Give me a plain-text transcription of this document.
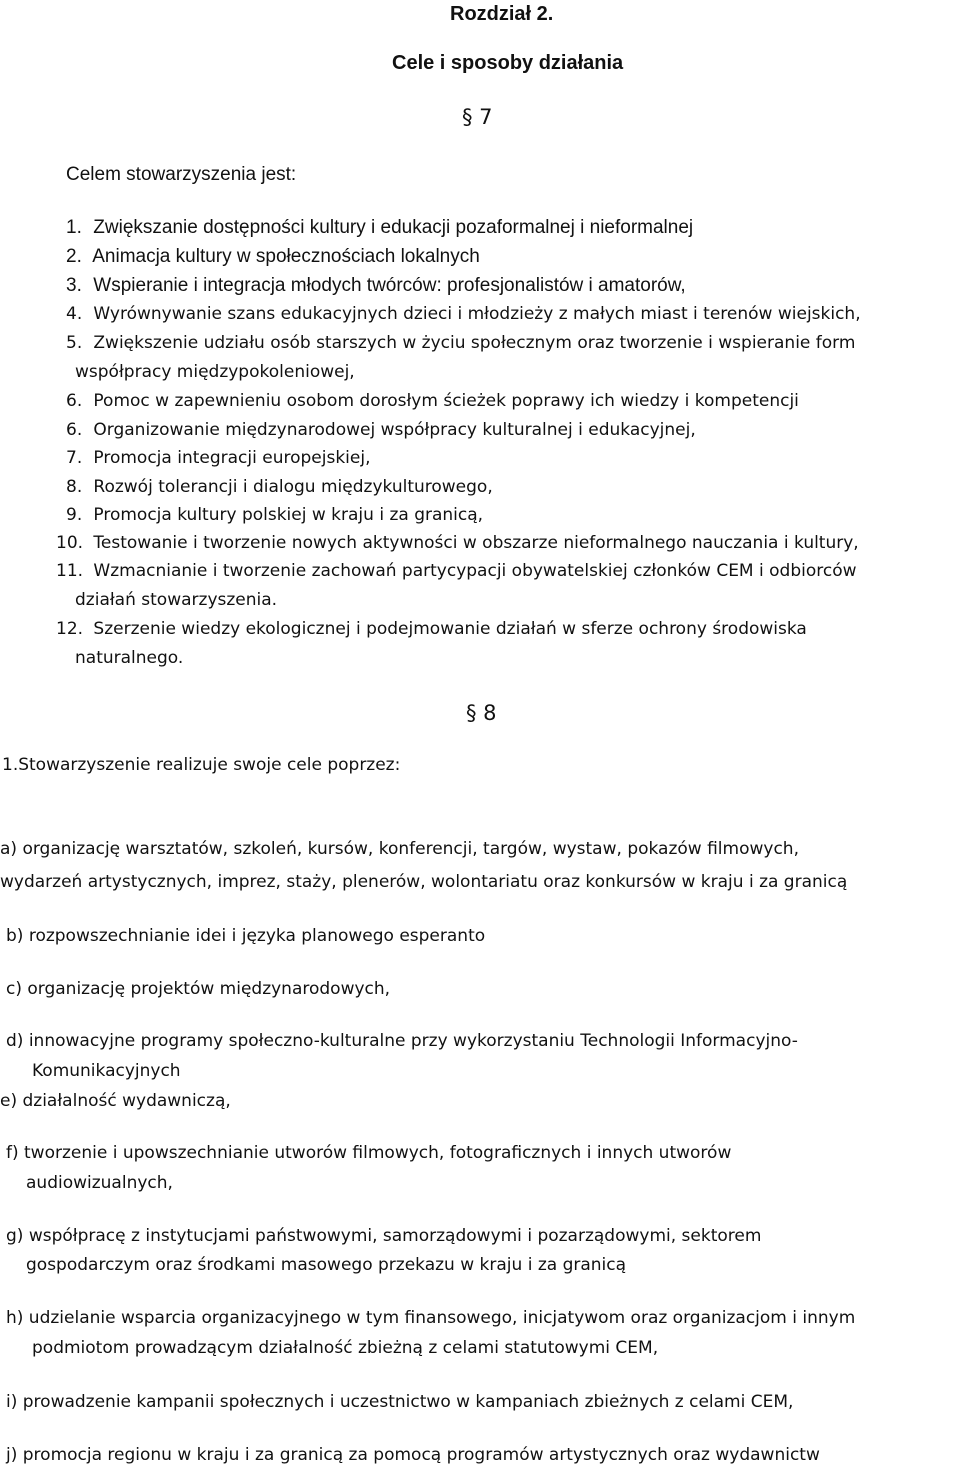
Rozdział 2.
Cele i sposoby działania
§ 7
Celem stowarzyszenia jest:
1. Zwiększanie dostępności kultury i edukacji pozaformalnej i nieformalnej
2. Animacja kultury w społecznościach lokalnych
3. Wspieranie i integracja młodych twórców: profesjonalistów i amatorów,
4. Wyrównywanie szans edukacyjnych dzieci i młodzieży z małych miast i terenów wiejskich,
5. Zwiększenie udziału osób starszych w życiu społecznym oraz tworzenie i wspieranie form
współpracy międzypokoleniowej,
6. Pomoc w zapewnieniu osobom dorosłym ścieżek poprawy ich wiedzy i kompetencji
6. Organizowanie międzynarodowej współpracy kulturalnej i edukacyjnej,
7. Promocja integracji europejskiej,
8. Rozwój tolerancji i dialogu międzykulturowego,
9. Promocja kultury polskiej w kraju i za granicą,
10. Testowanie i tworzenie nowych aktywności w obszarze nieformalnego nauczania i kultury,
11. Wzmacnianie i tworzenie zachowań partycypacji obywatelskiej członków CEM i odbiorców
działań stowarzyszenia.
12. Szerzenie wiedzy ekologicznej i podejmowanie działań w sferze ochrony środowiska
naturalnego.
§ 8
1.Stowarzyszenie realizuje swoje cele poprzez:
a) organizację warsztatów, szkoleń, kursów, konferencji, targów, wystaw, pokazów filmowych,
wydarzeń artystycznych, imprez, staży, plenerów, wolontariatu oraz konkursów w kraju i za granicą
b) rozpowszechnianie idei i języka planowego esperanto
c) organizację projektów międzynarodowych,
d) innowacyjne programy społeczno-kulturalne przy wykorzystaniu Technologii Informacyjno-
Komunikacyjnych
e) działalność wydawniczą,
f) tworzenie i upowszechnianie utworów filmowych, fotograficznych i innych utworów
audiowizualnych,
g) współpracę z instytucjami państwowymi, samorządowymi i pozarządowymi, sektorem
gospodarczym oraz środkami masowego przekazu w kraju i za granicą
h) udzielanie wsparcia organizacyjnego w tym finansowego, inicjatywom oraz organizacjom i innym
podmiotom prowadzącym działalność zbieżną z celami statutowymi CEM,
i) prowadzenie kampanii społecznych i uczestnictwo w kampaniach zbieżnych z celami CEM,
j) promocja regionu w kraju i za granicą za pomocą programów artystycznych oraz wydawnictw
